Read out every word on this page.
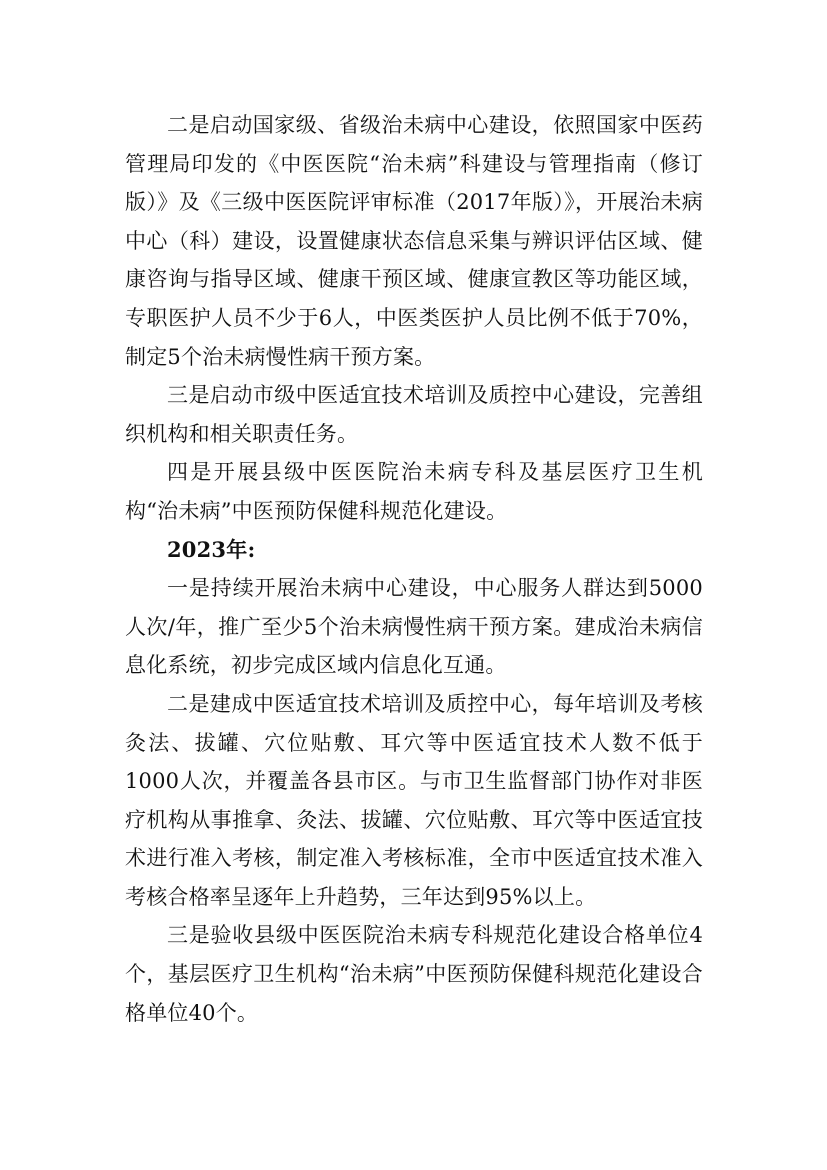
二是启动国家级、省级治未病中心建设，依照国家中医药管理局印发的《中医医院“治未病”科建设与管理指南（修订版）》及《三级中医医院评审标准（2017年版）》，开展治未病中心（科）建设，设置健康状态信息采集与辨识评估区域、健康咨询与指导区域、健康干预区域、健康宣教区等功能区域，专职医护人员不少于6人，中医类医护人员比例不低于70%，制定5个治未病慢性病干预方案。

三是启动市级中医适宜技术培训及质控中心建设，完善组织机构和相关职责任务。

四是开展县级中医医院治未病专科及基层医疗卫生机构“治未病”中医预防保健科规范化建设。

2023年:

一是持续开展治未病中心建设，中心服务人群达到5000人次/年，推广至少5个治未病慢性病干预方案。建成治未病信息化系统，初步完成区域内信息化互通。

二是建成中医适宜技术培训及质控中心，每年培训及考核灸法、拔罐、穴位贴敷、耳穴等中医适宜技术人数不低于1000人次，并覆盖各县市区。与市卫生监督部门协作对非医疗机构从事推拿、灸法、拔罐、穴位贴敷、耳穴等中医适宜技术进行准入考核，制定准入考核标准，全市中医适宜技术准入考核合格率呈逐年上升趋势，三年达到95%以上。

三是验收县级中医医院治未病专科规范化建设合格单位4个，基层医疗卫生机构“治未病”中医预防保健科规范化建设合格单位40个。
